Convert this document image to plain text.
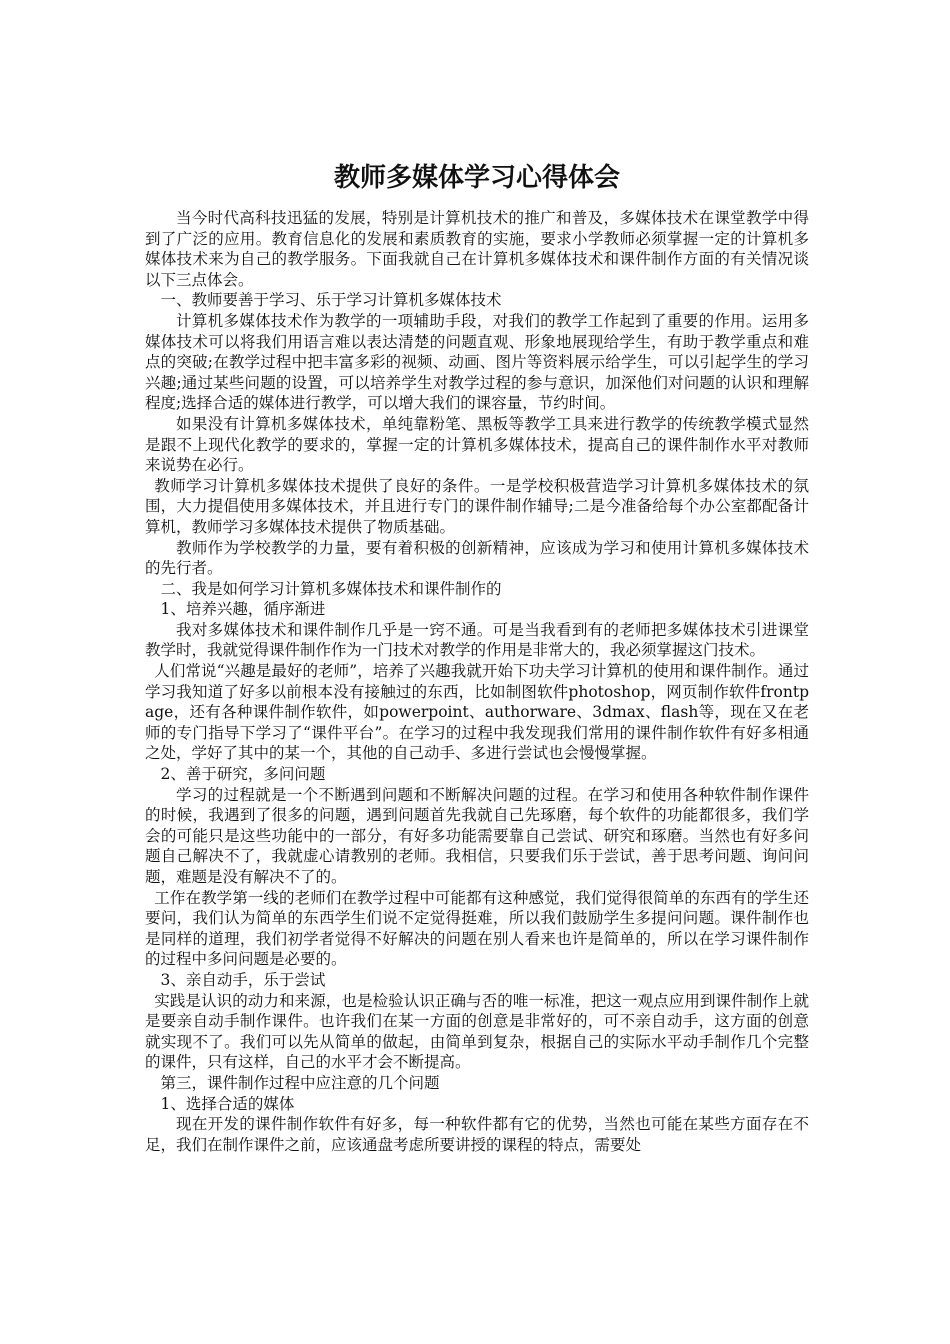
教师多媒体学习心得体会

当今时代高科技迅猛的发展，特别是计算机技术的推广和普及，多媒体技术在课堂教学中得到了广泛的应用。教育信息化的发展和素质教育的实施，要求小学教师必须掌握一定的计算机多媒体技术来为自己的教学服务。下面我就自己在计算机多媒体技术和课件制作方面的有关情况谈以下三点体会。

一、教师要善于学习、乐于学习计算机多媒体技术

计算机多媒体技术作为教学的一项辅助手段，对我们的教学工作起到了重要的作用。运用多媒体技术可以将我们用语言难以表达清楚的问题直观、形象地展现给学生，有助于教学重点和难点的突破;在教学过程中把丰富多彩的视频、动画、图片等资料展示给学生，可以引起学生的学习兴趣;通过某些问题的设置，可以培养学生对教学过程的参与意识，加深他们对问题的认识和理解程度;选择合适的媒体进行教学，可以增大我们的课容量，节约时间。

如果没有计算机多媒体技术，单纯靠粉笔、黑板等教学工具来进行教学的传统教学模式显然是跟不上现代化教学的要求的，掌握一定的计算机多媒体技术，提高自己的课件制作水平对教师来说势在必行。

教师学习计算机多媒体技术提供了良好的条件。一是学校积极营造学习计算机多媒体技术的氛围，大力提倡使用多媒体技术，并且进行专门的课件制作辅导;二是今准备给每个办公室都配备计算机，教师学习多媒体技术提供了物质基础。

教师作为学校教学的力量，要有着积极的创新精神，应该成为学习和使用计算机多媒体技术的先行者。

二、我是如何学习计算机多媒体技术和课件制作的

1、培养兴趣，循序渐进

我对多媒体技术和课件制作几乎是一窍不通。可是当我看到有的老师把多媒体技术引进课堂教学时，我就觉得课件制作作为一门技术对教学的作用是非常大的，我必须掌握这门技术。

人们常说“兴趣是最好的老师”，培养了兴趣我就开始下功夫学习计算机的使用和课件制作。通过学习我知道了好多以前根本没有接触过的东西，比如制图软件photoshop，网页制作软件frontpage，还有各种课件制作软件，如powerpoint、authorware、3dmax、flash等，现在又在老师的专门指导下学习了“课件平台”。在学习的过程中我发现我们常用的课件制作软件有好多相通之处，学好了其中的某一个，其他的自己动手、多进行尝试也会慢慢掌握。

2、善于研究，多问问题

学习的过程就是一个不断遇到问题和不断解决问题的过程。在学习和使用各种软件制作课件的时候，我遇到了很多的问题，遇到问题首先我就自己先琢磨，每个软件的功能都很多，我们学会的可能只是这些功能中的一部分，有好多功能需要靠自己尝试、研究和琢磨。当然也有好多问题自己解决不了，我就虚心请教别的老师。我相信，只要我们乐于尝试，善于思考问题、询问问题，难题是没有解决不了的。

工作在教学第一线的老师们在教学过程中可能都有这种感觉，我们觉得很简单的东西有的学生还要问，我们认为简单的东西学生们说不定觉得挺难，所以我们鼓励学生多提问问题。课件制作也是同样的道理，我们初学者觉得不好解决的问题在别人看来也许是简单的，所以在学习课件制作的过程中多问问题是必要的。

3、亲自动手，乐于尝试

实践是认识的动力和来源，也是检验认识正确与否的唯一标准，把这一观点应用到课件制作上就是要亲自动手制作课件。也许我们在某一方面的创意是非常好的，可不亲自动手，这方面的创意就实现不了。我们可以先从简单的做起，由简单到复杂，根据自己的实际水平动手制作几个完整的课件，只有这样，自己的水平才会不断提高。

第三，课件制作过程中应注意的几个问题

1、选择合适的媒体

现在开发的课件制作软件有好多，每一种软件都有它的优势，当然也可能在某些方面存在不足，我们在制作课件之前，应该通盘考虑所要讲授的课程的特点，需要处
